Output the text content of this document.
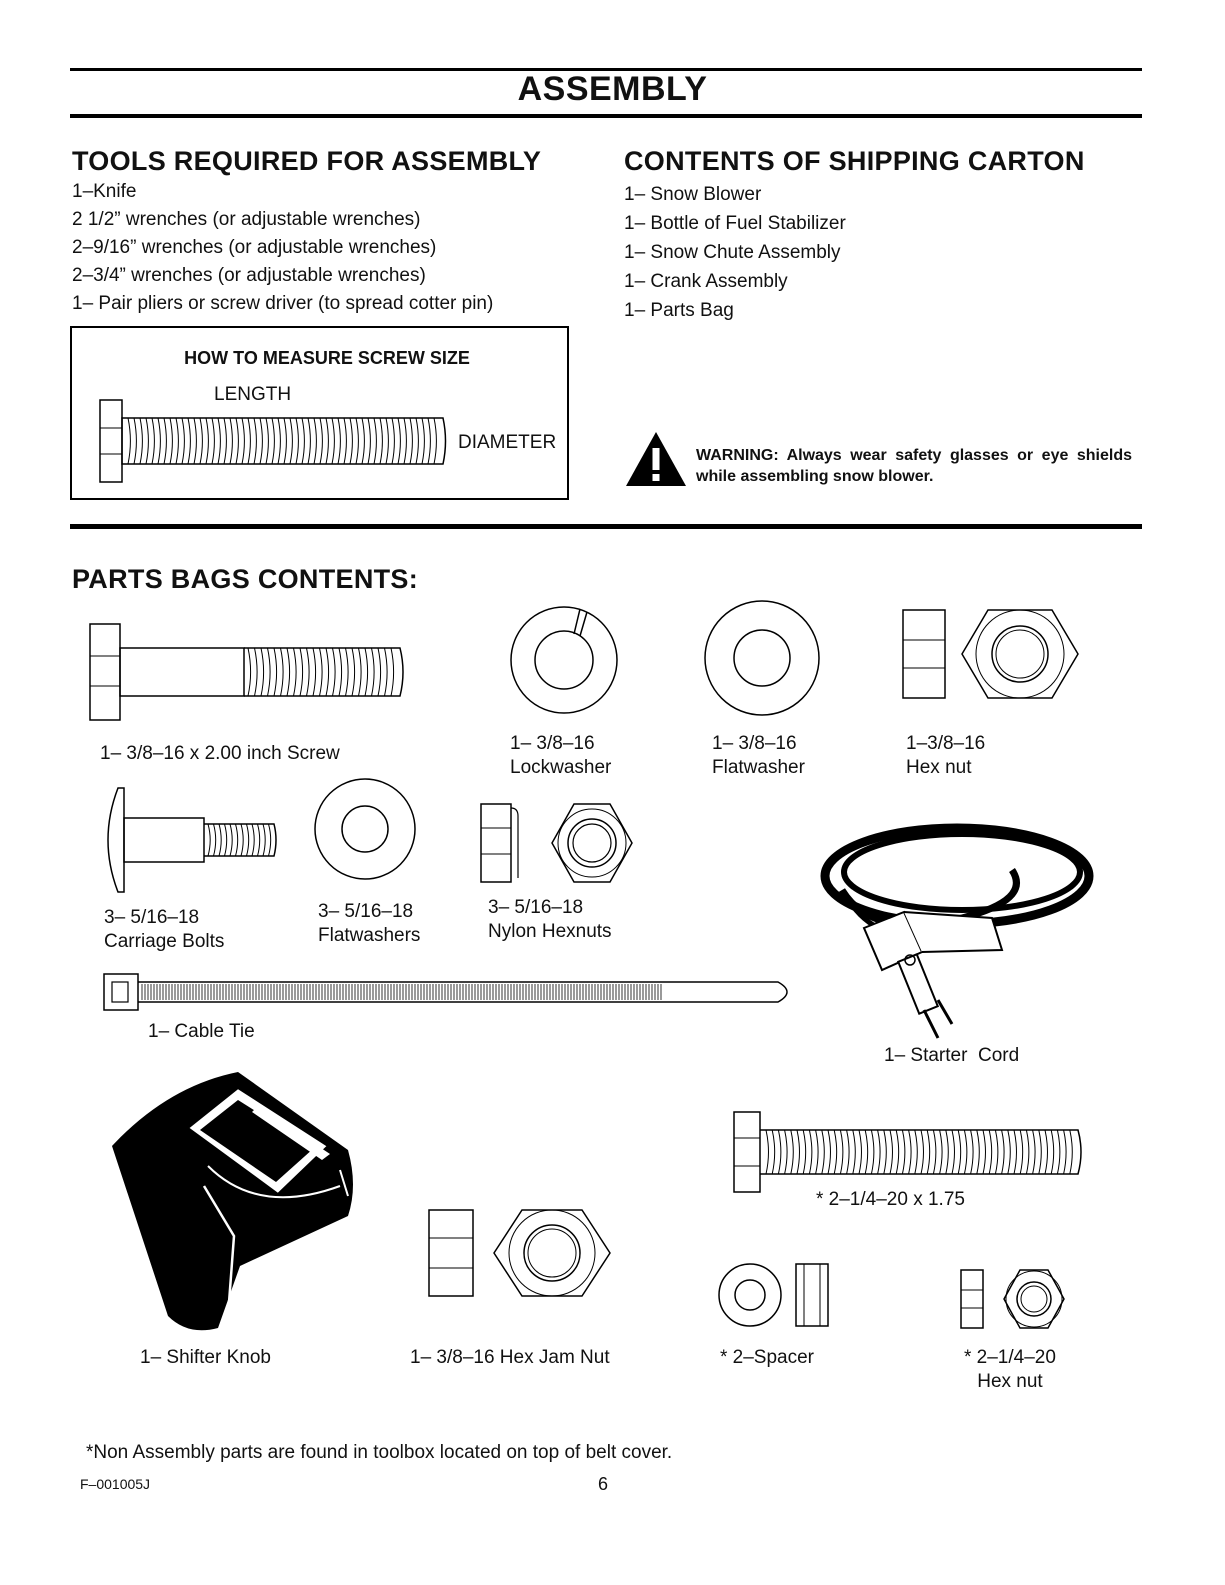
ASSEMBLY
TOOLS REQUIRED FOR ASSEMBLY
1–Knife
2 1/2” wrenches (or adjustable wrenches)
2–9/16” wrenches (or adjustable wrenches)
2–3/4” wrenches (or adjustable wrenches)
1– Pair pliers or screw driver (to spread cotter pin)
CONTENTS OF SHIPPING CARTON
1– Snow Blower
1– Bottle of Fuel Stabilizer
1– Snow Chute Assembly
1– Crank Assembly
1– Parts Bag
HOW TO MEASURE SCREW SIZE
LENGTH
DIAMETER
WARNING: Always wear safety glasses or eye shields while assembling snow blower.
PARTS BAGS CONTENTS:
1– 3/8–16 x 2.00 inch Screw	1– 3/8–16
Lockwasher
1– 3/8–16
Flatwasher
1–3/8–16
Hex nut
3– 5/16–18
Carriage Bolts
3– 5/16–18
Flatwashers
3– 5/16–18
Nylon Hexnuts
1– Cable Tie
1– Starter  Cord
1– Shifter Knob	1– 3/8–16 Hex Jam Nut
* 2–1/4–20 x 1.75
* 2–Spacer	* 2–1/4–20
Hex nut
*Non Assembly parts are found in toolbox located on top of belt cover.
F–001005J	6
